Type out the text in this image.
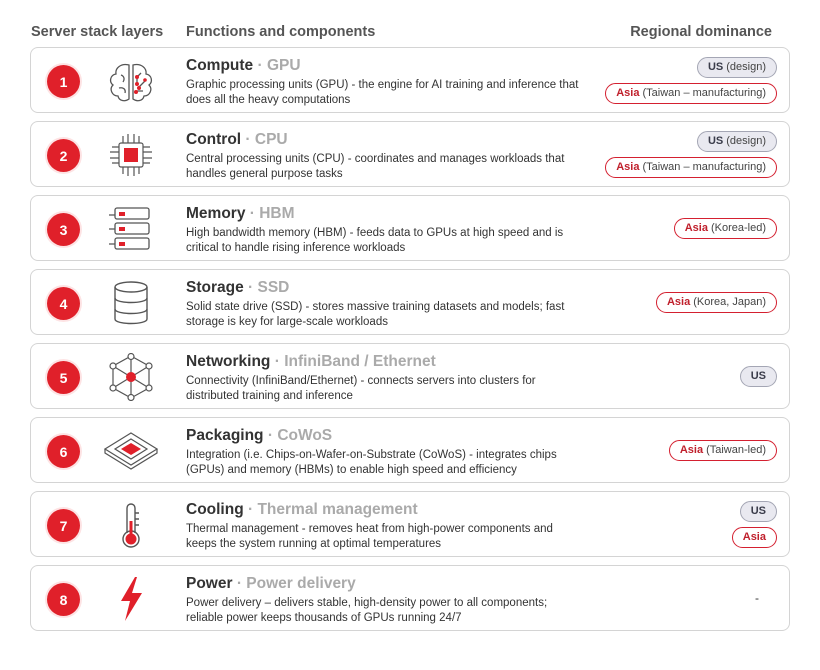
Server stack layers Functions and components	Regional dominance
1
Compute · GPU
Graphic processing units (GPU) - the engine for AI training and inference that does all the heavy computations
US (design)
Asia (Taiwan – manufacturing)
2
Control · CPU
Central processing units (CPU) - coordinates and manages workloads that handles general purpose tasks
US (design)
Asia (Taiwan – manufacturing)
3
Memory · HBM
High bandwidth memory (HBM) - feeds data to GPUs at high speed and is critical to handle rising inference workloads
Asia (Korea-led)
4
Storage · SSD
Solid state drive (SSD) - stores massive training datasets and models; fast storage is key for large-scale workloads
Asia (Korea, Japan)
5
Networking · InfiniBand / Ethernet
Connectivity (InfiniBand/Ethernet) - connects servers into clusters for distributed training and inference
US
6
Packaging · CoWoS
Integration (i.e. Chips-on-Wafer-on-Substrate (CoWoS) - integrates chips (GPUs) and memory (HBMs) to enable high speed and efficiency
Asia (Taiwan-led)
7
Cooling · Thermal management
Thermal management - removes heat from high-power components and keeps the system running at optimal temperatures
US
Asia
8
Power · Power delivery
Power delivery – delivers stable, high-density power to all components; reliable power keeps thousands of GPUs running 24/7
-
